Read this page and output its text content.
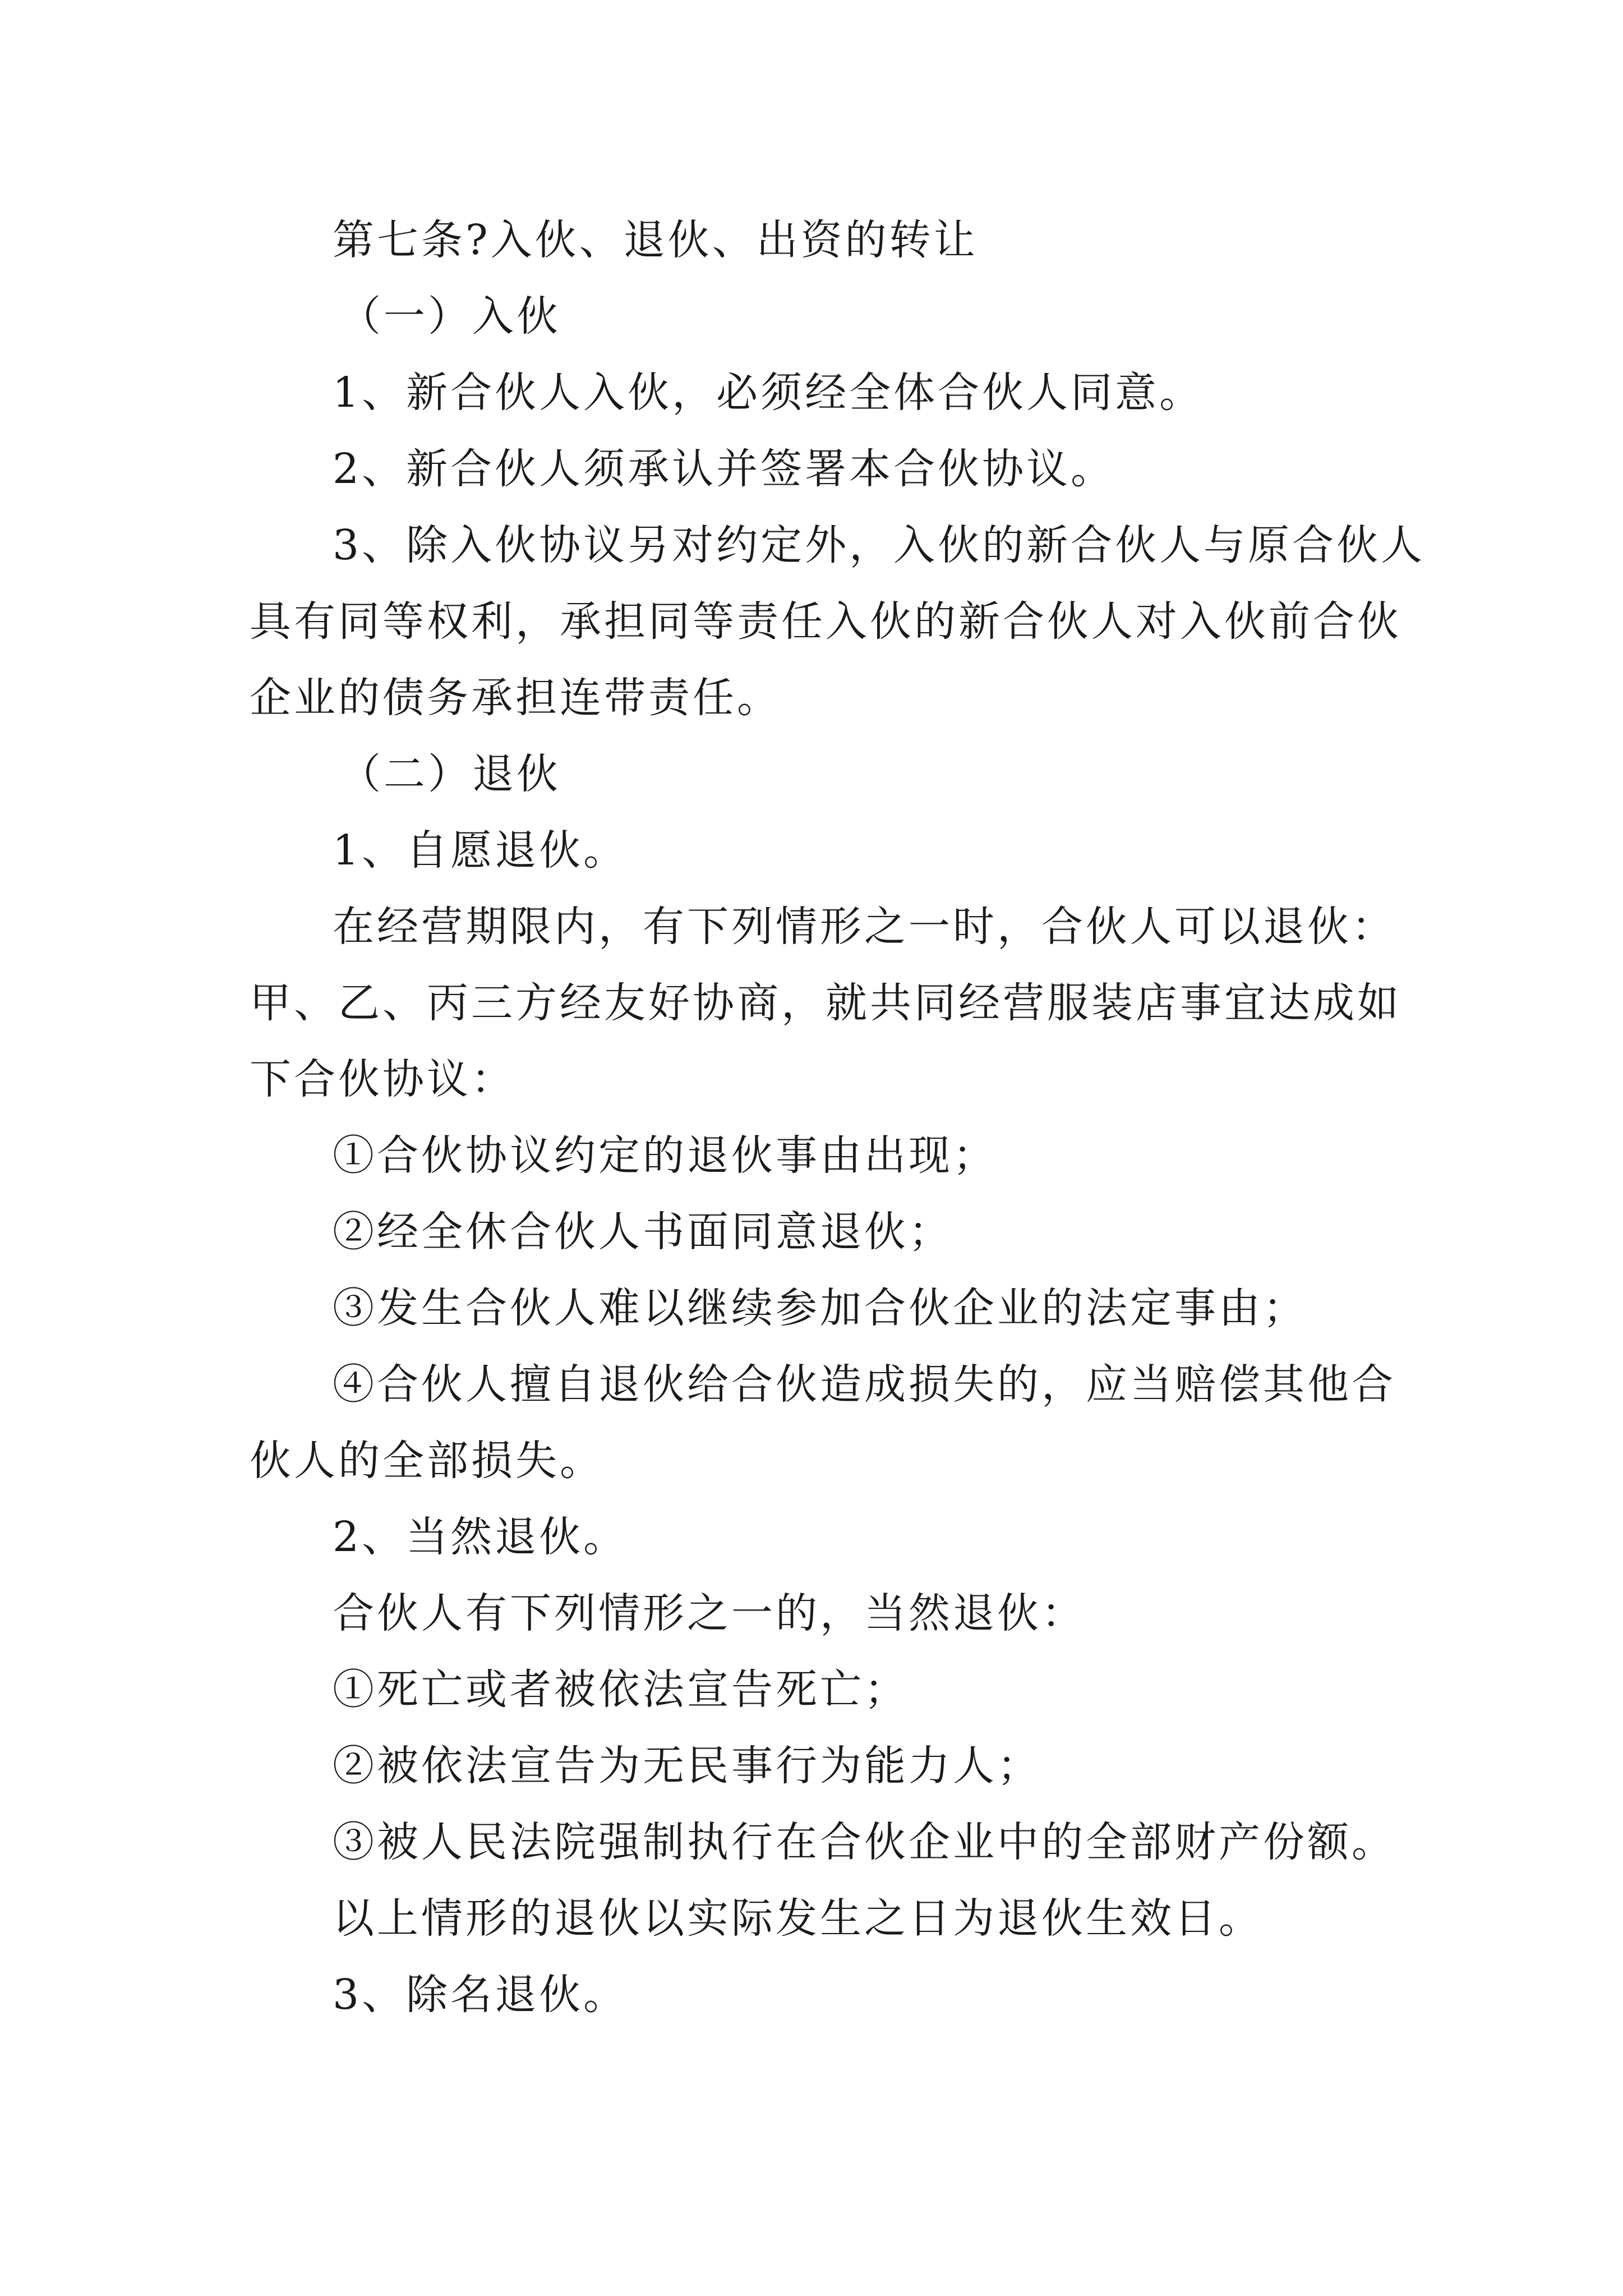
第七条?入伙、退伙、出资的转让

（一）入伙

1、新合伙人入伙，必须经全体合伙人同意。

2、新合伙人须承认并签署本合伙协议。

3、除入伙协议另对约定外，入伙的新合伙人与原合伙人具有同等权利，承担同等责任入伙的新合伙人对入伙前合伙企业的债务承担连带责任。

（二）退伙

1、自愿退伙。

在经营期限内，有下列情形之一时，合伙人可以退伙：甲、乙、丙三方经友好协商，就共同经营服装店事宜达成如下合伙协议：

①合伙协议约定的退伙事由出现；

②经全休合伙人书面同意退伙；

③发生合伙人难以继续参加合伙企业的法定事由；

④合伙人擅自退伙给合伙造成损失的，应当赔偿其他合伙人的全部损失。

2、当然退伙。

合伙人有下列情形之一的，当然退伙：

①死亡或者被依法宣告死亡；

②被依法宣告为无民事行为能力人；

③被人民法院强制执行在合伙企业中的全部财产份额。

以上情形的退伙以实际发生之日为退伙生效日。

3、除名退伙。
